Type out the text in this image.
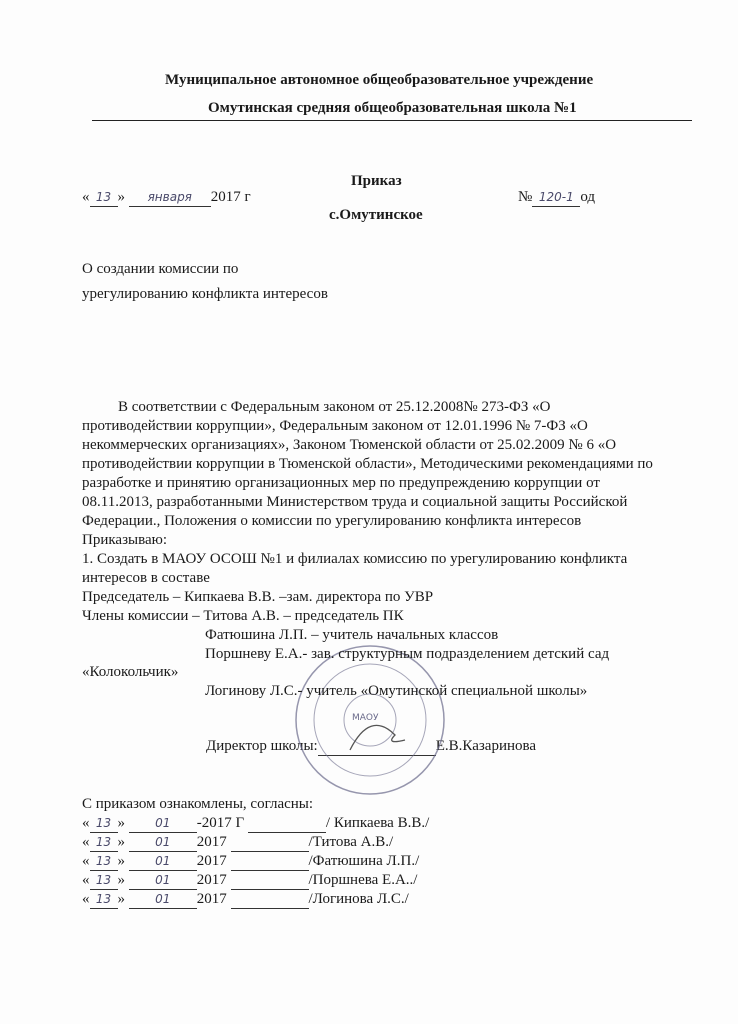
Муниципальное автономное общеобразовательное учреждение
Омутинская средняя общеобразовательная школа №1
Приказ
« 13 » января 2017 г	№ 120-1 од
с.Омутинское
О создании комиссии по
урегулированию конфликта интересов
Директор школы:	Е.В.Казаринова
МАОУ
С приказом ознакомлены, согласны:
В соответствии с Федеральным законом от 25.12.2008№ 273-ФЗ «О
противодействии коррупции», Федеральным законом от 12.01.1996 № 7-ФЗ «О
некоммерческих организациях», Законом Тюменской области от 25.02.2009 № 6 «О
противодействии коррупции в Тюменской области», Методическими рекомендациями по
разработке и принятию организационных мер по предупреждению коррупции от
08.11.2013, разработанными Министерством труда и социальной защиты Российской
Федерации., Положения о комиссии по урегулированию конфликта интересов
Приказываю:
1. Создать в МАОУ ОСОШ №1 и филиалах комиссию по урегулированию конфликта
интересов в составе
Председатель – Кипкаева В.В. –зам. директора по УВР
Члены комиссии – Титова А.В. – председатель ПК
Фатюшина Л.П. – учитель начальных классов
Поршневу Е.А.- зав. структурным подразделением детский сад
«Колокольчик»
Логинову Л.С.- учитель «Омутинской специальной школы»
« 13 » 01 -2017 Г	/ Кипкаева В.В./
« 13 » 01 2017	/Титова А.В./
« 13 » 01 2017	/Фатюшина Л.П./
« 13 » 01 2017	/Поршнева Е.А../
« 13 » 01 2017	/Логинова Л.С./
